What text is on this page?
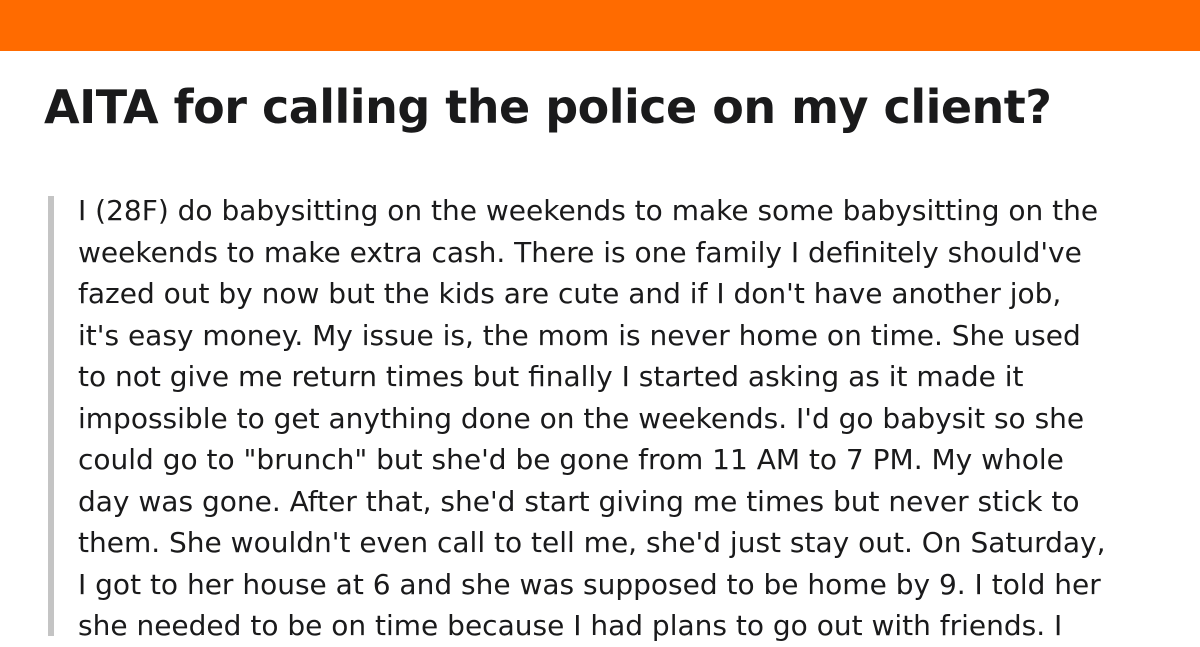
AITA for calling the police on my client?

I (28F) do babysitting on the weekends to make some babysitting on the

weekends to make extra cash. There is one family I definitely should've

fazed out by now but the kids are cute and if I don't have another job,

it's easy money. My issue is, the mom is never home on time. She used

to not give me return times but finally I started asking as it made it

impossible to get anything done on the weekends. I'd go babysit so she

could go to "brunch" but she'd be gone from 11 AM to 7 PM. My whole

day was gone. After that, she'd start giving me times but never stick to

them. She wouldn't even call to tell me, she'd just stay out. On Saturday,

I got to her house at 6 and she was supposed to be home by 9. I told her

she needed to be on time because I had plans to go out with friends. I
